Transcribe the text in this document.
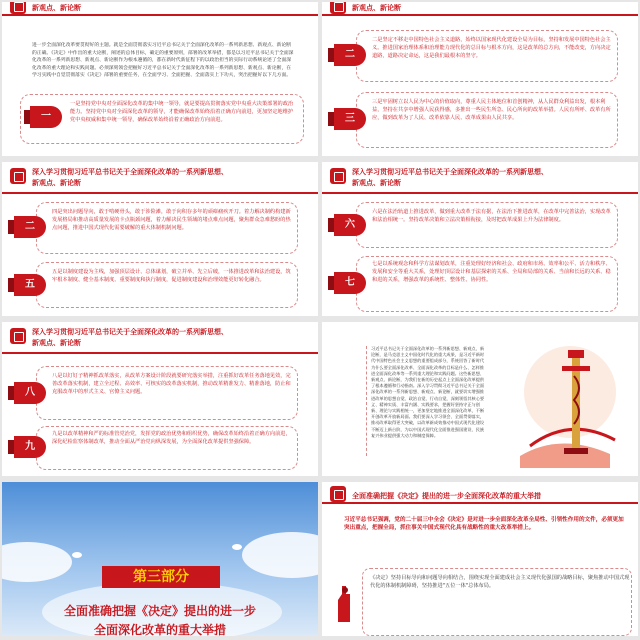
新观点、新论断
进一步全面深化改革要贯彻好的主题。就是全面贯彻落实习近平总书记关于全面深化改革的一系列新思想、新观点、新论断的正确。《决定》中作出的重大论断，阐述的总体目标，确定的重要原则，部署的改革举措，都是以习近平总书记关于全面深化改革的一系列新思想、新观点、新论断作为根本遵循的，都在新时代新征程下的以政治担当的实际行动系统论述了全面深化改革的重大理论和实践问题。必须深刻领会把握好习近平总书记关于全面深化改革的一系列新思想、新观点、新论断，在学习实践中自觉贯彻落实《决定》部署的重要任务，在全面学习、全面把握、全面落实上下功夫，突出把握好以下几方面。
一
一是坚持党中央对全面深化改革的集中统一领导，就是要提高贯彻落实党中央重大决策部署的政治能力。坚持党中央对全面深化改革的领导，才能确保改革始终沿着正确方向前进，更加坚定地维护党中央权威和集中统一领导，确保改革始终沿着正确政治方向前进。
新观点、新论断
二
二是坚定不移走中国特色社会主义道路，始终以国家现代化建设全局为目标，坚持和发展中国特色社会主义。推进国家治理体系和治理能力现代化的总目标与根本方向，这是改革的总方向，不能改变，方向决定道路，道路决定命运，这是我们最根本的坚守。
三
三是牢固树立以人民为中心的价值取向，尊重人民主体地位和首创精神，从人民群众利益出发，根本利益，坚持在共享中增强人民获得感，多推出一些民生所急、民心所向的改革举措。人民有所呼、改革有所应，做到改革为了人民、改革依靠人民、改革成果由人民共享。
深入学习贯彻习近平总书记关于全面深化改革的一系列新思想、
新观点、新论断
二
四是突出问题导向，敢于啃硬骨头，敢于涉险滩，敢于向积存多年的顽瘴痼疾开刀。着力解决制约构建新发展格局和推动高质量发展的卡点瓶颈问题，着力解决民生领域的堵点难点问题，聚焦群众急难愁盼的热点问题，推进中国式现代化需要破解的重大体制机制问题。
五
五是以制度建设为主线，加强顶层设计、总体谋划，破立并举、先立后破，一体推进改革和法治建设，筑牢根本制度、健全基本制度、重要制度和执行制度，促进制度建设和治理效能更好转化融合。
深入学习贯彻习近平总书记关于全面深化改革的一系列新思想、
新观点、新论断
六
六是在法治轨道上推进改革，做到重大改革于法有据，在法治下推进改革，在改革中完善法治，实现改革和法治相统一。坚持改革决策和立法决策相衔接，及时把改革成果上升为法律制度。
七
七是以系统观念和科学方法谋划改革，注重处理好经济和社会、政府和市场、效率和公平、活力和秩序、发展和安全等重大关系，处理好顶层设计和基层探索的关系、全局和局部的关系、当前和长远的关系、稳和进的关系，增强改革的系统性、整体性、协同性。
深入学习贯彻习近平总书记关于全面深化改革的一系列新思想、
新观点、新论断
八
八是以钉钉子精神抓改革落实，从改革方案设计阶段就要研究落实举措，注重抓好改革任务落地见效，完善改革落实机制，建立全过程、高效率、可核实的改革落实机制，推动改革精准发力、精准落地，防止和克服改革中的形式主义、官僚主义问题。
九
九是以改革精神和严的标准管党治党，发挥党的政治优势和组织优势，确保改革始终沿着正确方向前进，深化纪检监察体制改革，推动全面从严治党向纵深发展，为全面深化改革提供坚强保障。
习近平总书记关于全面深化改革的一系列新思想、新观点、新论断，是马克思主义中国化时代化的重大成果，是习近平新时代中国特色社会主义思想的重要组成部分，系统回答了新时代为什么要全面深化改革、全面深化改革的目标是什么、怎样推进全面深化改革等一系列重大理论和实践问题。这些新思想、新观点、新论断，为我们在新的历史起点上全面深化改革提供了根本遵循和行动指南。深入学习贯彻习近平总书记关于全面深化改革的一系列新思想、新观点、新论断，就要切实增强推进改革的思想自觉、政治自觉、行动自觉，深刻领悟其核心要义、精神实质、丰富内涵、实践要求，把握好坚持守正与创新、理论与实践相统一，更加坚定地推进全面深化改革，不断开创改革开放新局面。我们要深入学习领会、全面贯彻落实，推动改革取得更大突破，以改革新成效推动中国式现代化建设不断迈上新台阶，为以中国式现代化全面推进强国建设、民族复兴伟业提供强大动力和制度保障。
第三部分
全面准确把握《决定》提出的进一步
全面深化改革的重大举措
全面准确把握《决定》提出的进一步全面深化改革的重大举措
习近平总书记强调，党的二十届三中全会《决定》是对进一步全面深化改革全局性、引领性作用的文件，必须更加突出重点，把握全局，抓住事关中国式现代化具有战略性的重大改革举措上。
《决定》坚持目标导向和问题导向相结合，围绕实现全面建成社会主义现代化强国的战略目标，聚焦推动中国式现代化的体制机制障碍，坚持推进"五位一体"总体布局。
